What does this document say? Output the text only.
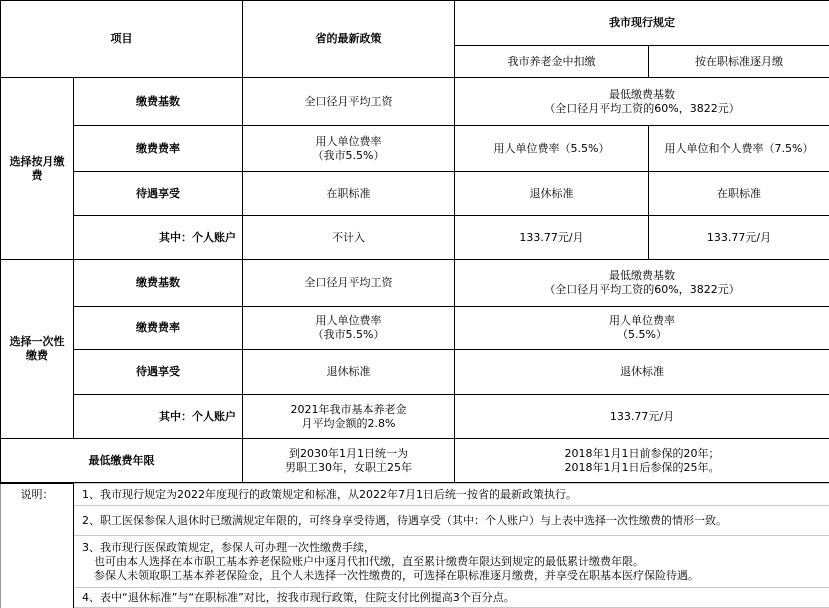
项目		省的最新政策	我市现行规定	
			我市养老金中扣缴	按在职标准逐月缴
选择按月缴费	缴费基数	全口径月平均工资	最低缴费基数
（全口径月平均工资的60%，3822元）	

	缴费费率	用人单位费率
（我市5.5%）	用人单位费率（5.5%）	用人单位和个人费率（7.5%）
	待遇享受	在职标准	退休标准	在职标准
	其中：个人账户	不计入	133.77元/月	133.77元/月
选择一次性缴费	缴费基数	全口径月平均工资	最低缴费基数
（全口径月平均工资的60%，3822元）	

	缴费费率	用人单位费率
（我市5.5%）	用人单位费率
（5.5%）	

	待遇享受	退休标准	退休标准	
	其中：个人账户	2021年我市基本养老金
月平均金额的2.8%	133.77元/月	
最低缴费年限		到2030年1月1日统一为
男职工30年，女职工25年	2018年1月1日前参保的20年；
2018年1月1日后参保的25年。	
说明：	1、我市现行规定为2022年度现行的政策规定和标准，从2022年7月1日后统一按省的最新政策执行。
2、职工医保参保人退休时已缴满规定年限的，可终身享受待遇，待遇享受（其中：个人账户）与上表中选择一次性缴费的情形一致。

3、我市现行医保政策规定，参保人可办理一次性缴费手续，
也可由本人选择在本市职工基本养老保险账户中逐月代扣代缴，直至累计缴费年限达到规定的最低累计缴费年限。
参保人未领取职工基本养老保险金，且个人未选择一次性缴费的，可选择在职标准逐月缴费，并享受在职基本医疗保险待遇。

4、表中“退休标准”与“在职标准”对比，按我市现行政策，住院支付比例提高3个百分点。
